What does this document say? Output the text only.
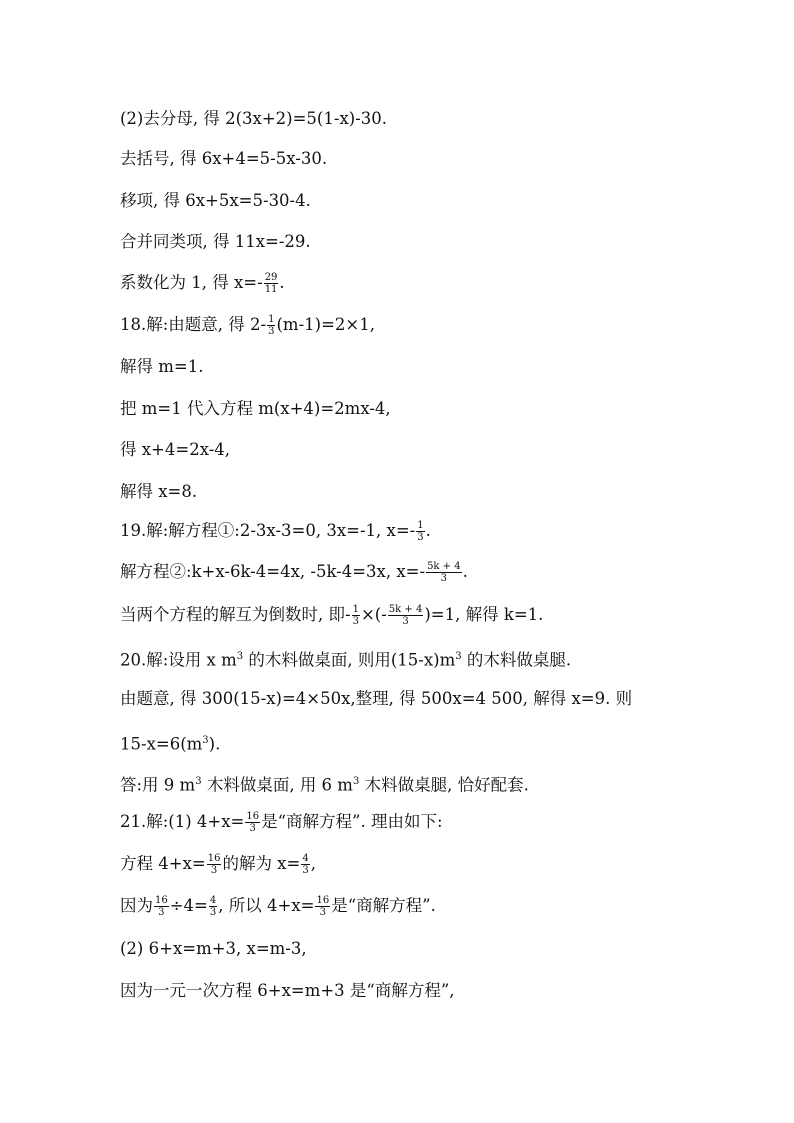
(2)去分母, 得 2(3x+2)=5(1-x)-30.
去括号, 得 6x+4=5-5x-30.
移项, 得 6x+5x=5-30-4.
合并同类项, 得 11x=-29.
系数化为 1, 得 $x=- \frac{29}{11}$ .
18.解:由题意, 得 $2- \frac{1}{3} (m-1)=2\times 1$,
解得 m=1.
把 m=1 代入方程 m(x+4)=2mx-4,
得 x+4=2x-4,
解得 x=8.
19.解:解方程①:2-3x-3=0, 3x=-1, $x=- \frac{1}{3}$ .
解方程②:k+x-6k-4=4x, -5k-4=3x, $x=- \frac{5k + 4}{3}$ .
当两个方程的解互为倒数时, 即- $\frac{1}{3}$ ×(- $\frac{5k + 4}{3} )=1$, 解得 k=1.
20.解:设用 x $m^3$ 的木料做桌面, 则用$(15-x)m^3$ 的木料做桌腿.
由题意, 得 300(15-x)=4×50x,整理, 得 500x=4 500, 解得 x=9. 则
$15-x=6(m^3)$.
答:用 9 $m^3$ 木料做桌面, 用 6 $m^3$ 木料做桌腿, 恰好配套.
21.解:(1) $4+x= \frac{16}{3}$ 是“商解方程”. 理由如下:
方程 $4+x= \frac{16}{3}$ 的解为 $x= \frac{4}{3}$ ,
因为 $\frac{16}{3} \div 4= \frac{4}{3}$ , 所以 $4+x= \frac{16}{3}$ 是“商解方程”.
(2) 6+x=m+3, x=m-3,
因为一元一次方程 6+x=m+3 是“商解方程”,
